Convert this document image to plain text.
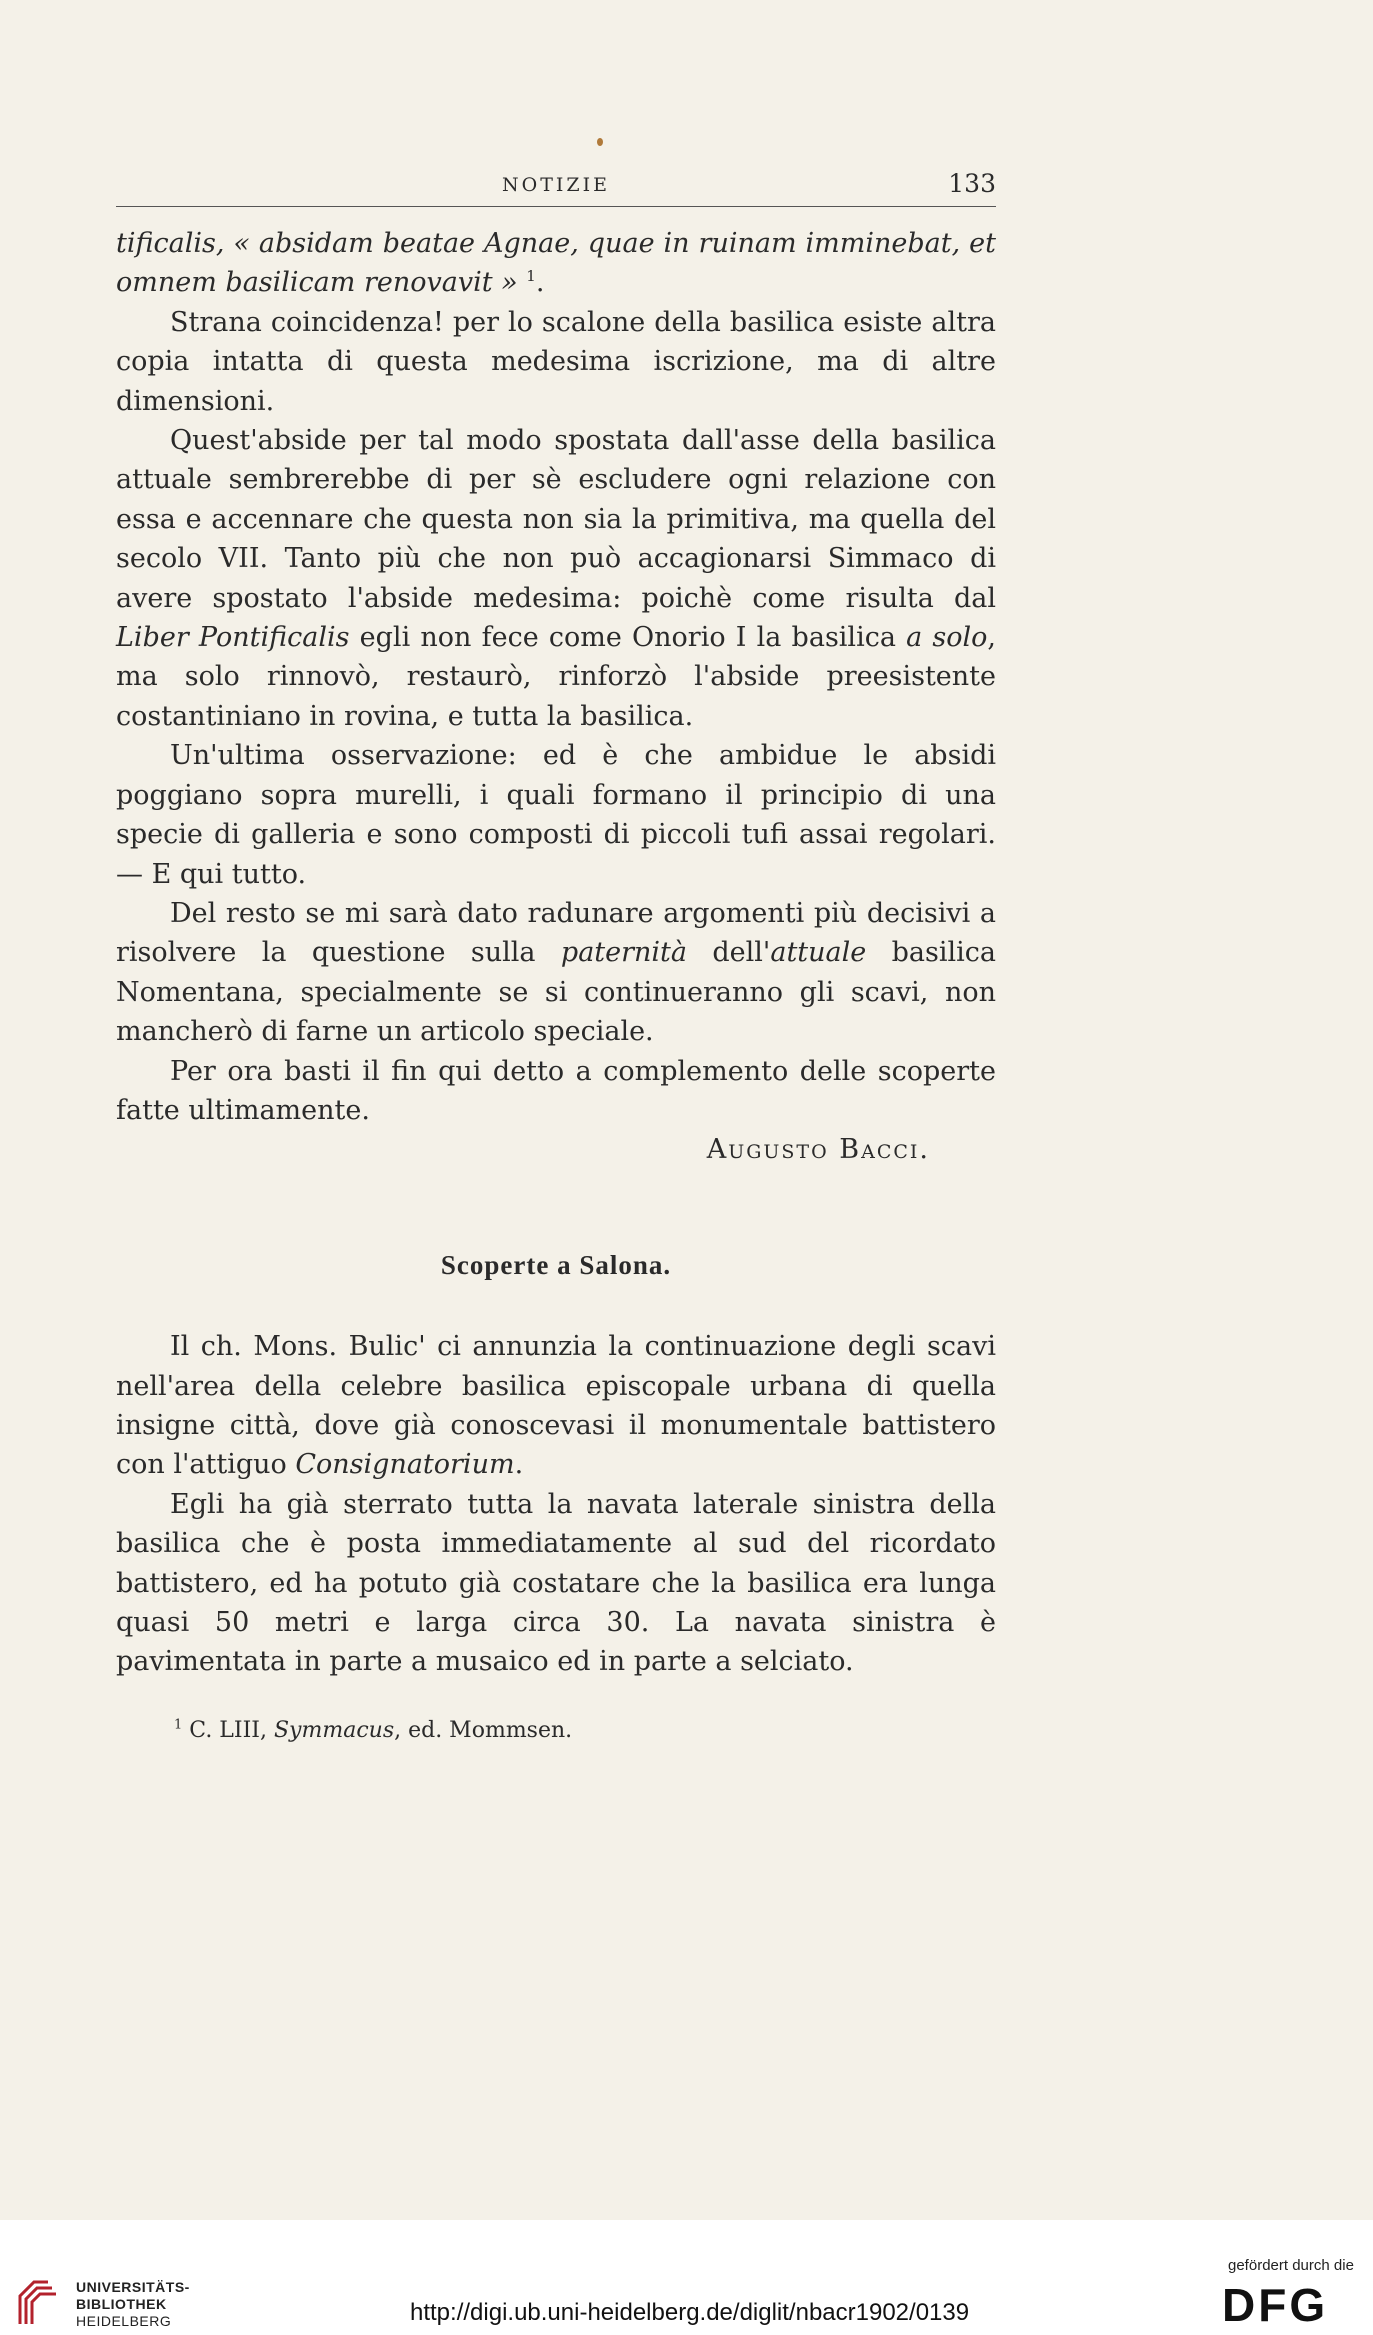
NOTIZIE	133

tificalis, « absidam beatae Agnae, quae in ruinam imminebat, et omnem basilicam renovavit » $^1$.

Strana coincidenza! per lo scalone della basilica esiste altra copia intatta di questa medesima iscrizione, ma di altre dimensioni.

Quest'abside per tal modo spostata dall'asse della basilica attuale sembrerebbe di per sè escludere ogni relazione con essa e accennare che questa non sia la primitiva, ma quella del secolo VII. Tanto più che non può accagionarsi Simmaco di avere spostato l'abside medesima: poichè come risulta dal Liber Pontificalis egli non fece come Onorio I la basilica a solo, ma solo rinnovò, restaurò, rinforzò l'abside preesistente costantiniano in rovina, e tutta la basilica.

Un'ultima osservazione: ed è che ambidue le absidi poggiano sopra murelli, i quali formano il principio di una specie di galleria e sono composti di piccoli tufi assai regolari. — E qui tutto.

Del resto se mi sarà dato radunare argomenti più decisivi a risolvere la questione sulla paternità dell'attuale basilica Nomentana, specialmente se si continueranno gli scavi, non mancherò di farne un articolo speciale.

Per ora basti il fin qui detto a complemento delle scoperte fatte ultimamente.

Augusto Bacci.
Scoperte a Salona.

Il ch. Mons. Bulic' ci annunzia la continuazione degli scavi nell'area della celebre basilica episcopale urbana di quella insigne città, dove già conoscevasi il monumentale battistero con l'attiguo Consignatorium.

Egli ha già sterrato tutta la navata laterale sinistra della basilica che è posta immediatamente al sud del ricordato battistero, ed ha potuto già costatare che la basilica era lunga quasi 50 metri e larga circa 30. La navata sinistra è pavimentata in parte a musaico ed in parte a selciato.

$^1$ C. LIII, Symmacus, ed. Mommsen.
UNIVERSITÄTS-
BIBLIOTHEK
HEIDELBERG	http://digi.ub.uni-heidelberg.de/diglit/nbacr1902/0139
gefördert durch die
DFG
